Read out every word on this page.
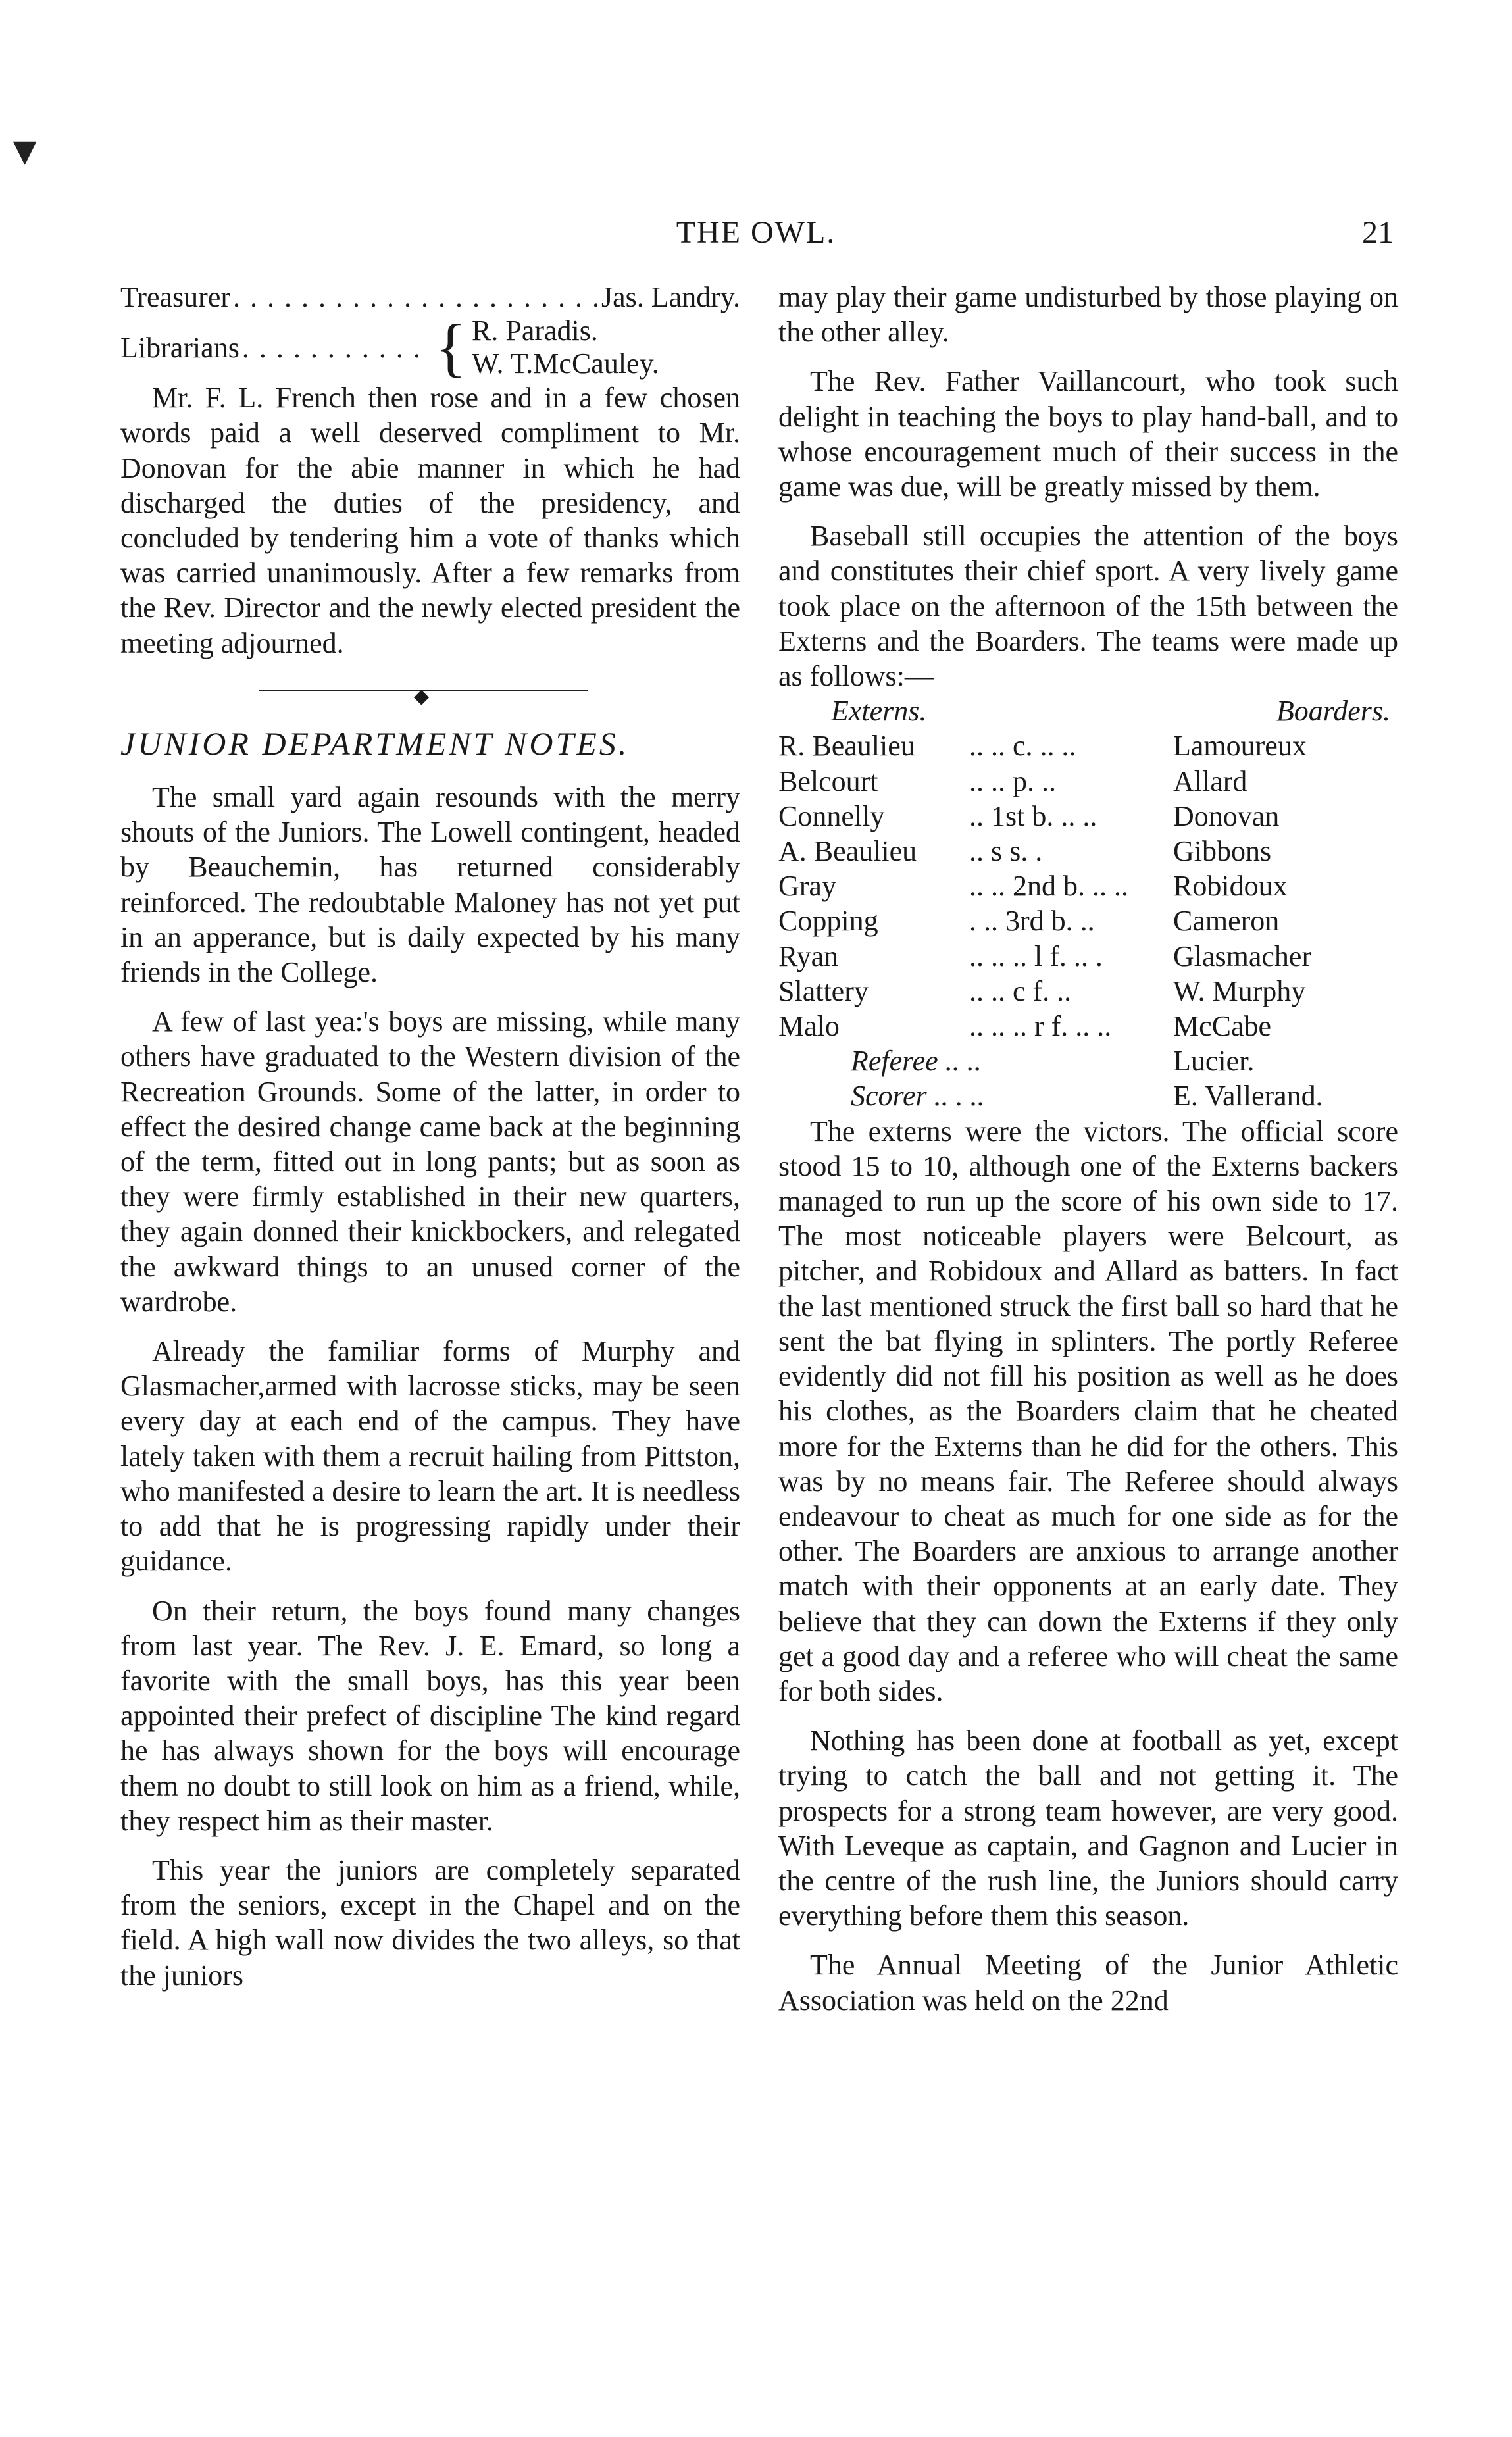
▼
THE OWL.	21
Treasurer . . .	Jas. Landry.
Librarians . . .	{ R. Paradis.
W. T.McCauley.

Mr. F. L. French then rose and in a few chosen words paid a well deserved compliment to Mr. Donovan for the abie manner in which he had discharged the duties of the presidency, and concluded by tendering him a vote of thanks which was carried unanimously. After a few remarks from the Rev. Director and the newly elected president the meeting adjourned.

◆
JUNIOR DEPARTMENT NOTES.

The small yard again resounds with the merry shouts of the Juniors. The Lowell contingent, headed by Beauchemin, has returned considerably reinforced. The redoubtable Maloney has not yet put in an apperance, but is daily expected by his many friends in the College.

A few of last yea:'s boys are missing, while many others have graduated to the Western division of the Recreation Grounds. Some of the latter, in order to effect the desired change came back at the beginning of the term, fitted out in long pants; but as soon as they were firmly established in their new quarters, they again donned their knickbockers, and relegated the awkward things to an unused corner of the wardrobe.

Already the familiar forms of Murphy and Glasmacher,armed with lacrosse sticks, may be seen every day at each end of the campus. They have lately taken with them a recruit hailing from Pittston, who manifested a desire to learn the art. It is needless to add that he is progressing rapidly under their guidance.

On their return, the boys found many changes from last year. The Rev. J. E. Emard, so long a favorite with the small boys, has this year been appointed their prefect of discipline The kind regard he has always shown for the boys will encourage them no doubt to still look on him as a friend, while, they respect him as their master.

This year the juniors are completely separated from the seniors, except in the Chapel and on the field. A high wall now divides the two alleys, so that the juniors

may play their game undisturbed by those playing on the other alley.

The Rev. Father Vaillancourt, who took such delight in teaching the boys to play hand-ball, and to whose encouragement much of their success in the game was due, will be greatly missed by them.

Baseball still occupies the attention of the boys and constitutes their chief sport. A very lively game took place on the afternoon of the 15th between the Externs and the Boarders. The teams were made up as follows:—

Externs.	Boarders.
R. Beaulieu	.. .. c. .. ..	Lamoureux
Belcourt	.. .. p. ..	Allard
Connelly	.. 1st b. .. ..	Donovan
A. Beaulieu	.. s s. .	Gibbons
Gray	.. .. 2nd b. .. ..	Robidoux
Copping	. .. 3rd b. ..	Cameron
Ryan	.. .. .. l f. .. .	Glasmacher
Slattery	.. .. c f. ..	W. Murphy
Malo	.. .. .. r f. .. ..	McCabe
Referee .. ..	Lucier.
Scorer .. . ..	E. Vallerand.

The externs were the victors. The official score stood 15 to 10, although one of the Externs backers managed to run up the score of his own side to 17. The most noticeable players were Belcourt, as pitcher, and Robidoux and Allard as batters. In fact the last mentioned struck the first ball so hard that he sent the bat flying in splinters. The portly Referee evidently did not fill his position as well as he does his clothes, as the Boarders claim that he cheated more for the Externs than he did for the others. This was by no means fair. The Referee should always endeavour to cheat as much for one side as for the other. The Boarders are anxious to arrange another match with their opponents at an early date. They believe that they can down the Externs if they only get a good day and a referee who will cheat the same for both sides.

Nothing has been done at football as yet, except trying to catch the ball and not getting it. The prospects for a strong team however, are very good. With Leveque as captain, and Gagnon and Lucier in the centre of the rush line, the Juniors should carry everything before them this season.

The Annual Meeting of the Junior Athletic Association was held on the 22nd
